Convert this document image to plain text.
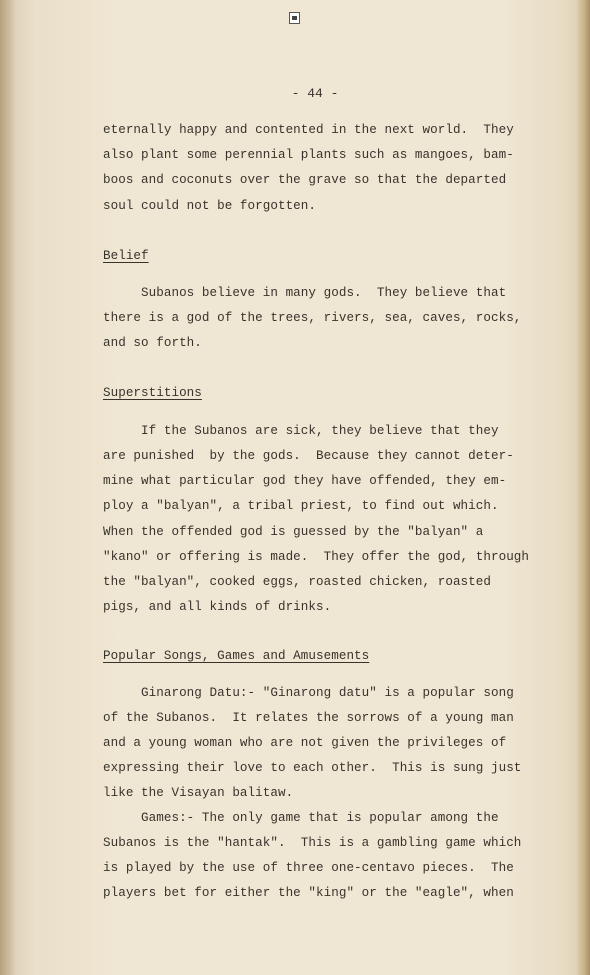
- 44 -
eternally happy and contented in the next world.  They
also plant some perennial plants such as mangoes, bam-
boos and coconuts over the grave so that the departed
soul could not be forgotten.
Belief
Subanos believe in many gods.  They believe that
there is a god of the trees, rivers, sea, caves, rocks,
and so forth.
Superstitions
If the Subanos are sick, they believe that they
are punished  by the gods.  Because they cannot deter-
mine what particular god they have offended, they em-
ploy a "balyan", a tribal priest, to find out which.
When the offended god is guessed by the "balyan" a
"kano" or offering is made.  They offer the god, through
the "balyan", cooked eggs, roasted chicken, roasted
pigs, and all kinds of drinks.
Popular Songs, Games and Amusements
Ginarong Datu:- "Ginarong datu" is a popular song
of the Subanos.  It relates the sorrows of a young man
and a young woman who are not given the privileges of
expressing their love to each other.  This is sung just
like the Visayan balitaw.
Games:- The only game that is popular among the
Subanos is the "hantak".  This is a gambling game which
is played by the use of three one-centavo pieces.  The
players bet for either the "king" or the "eagle", when
